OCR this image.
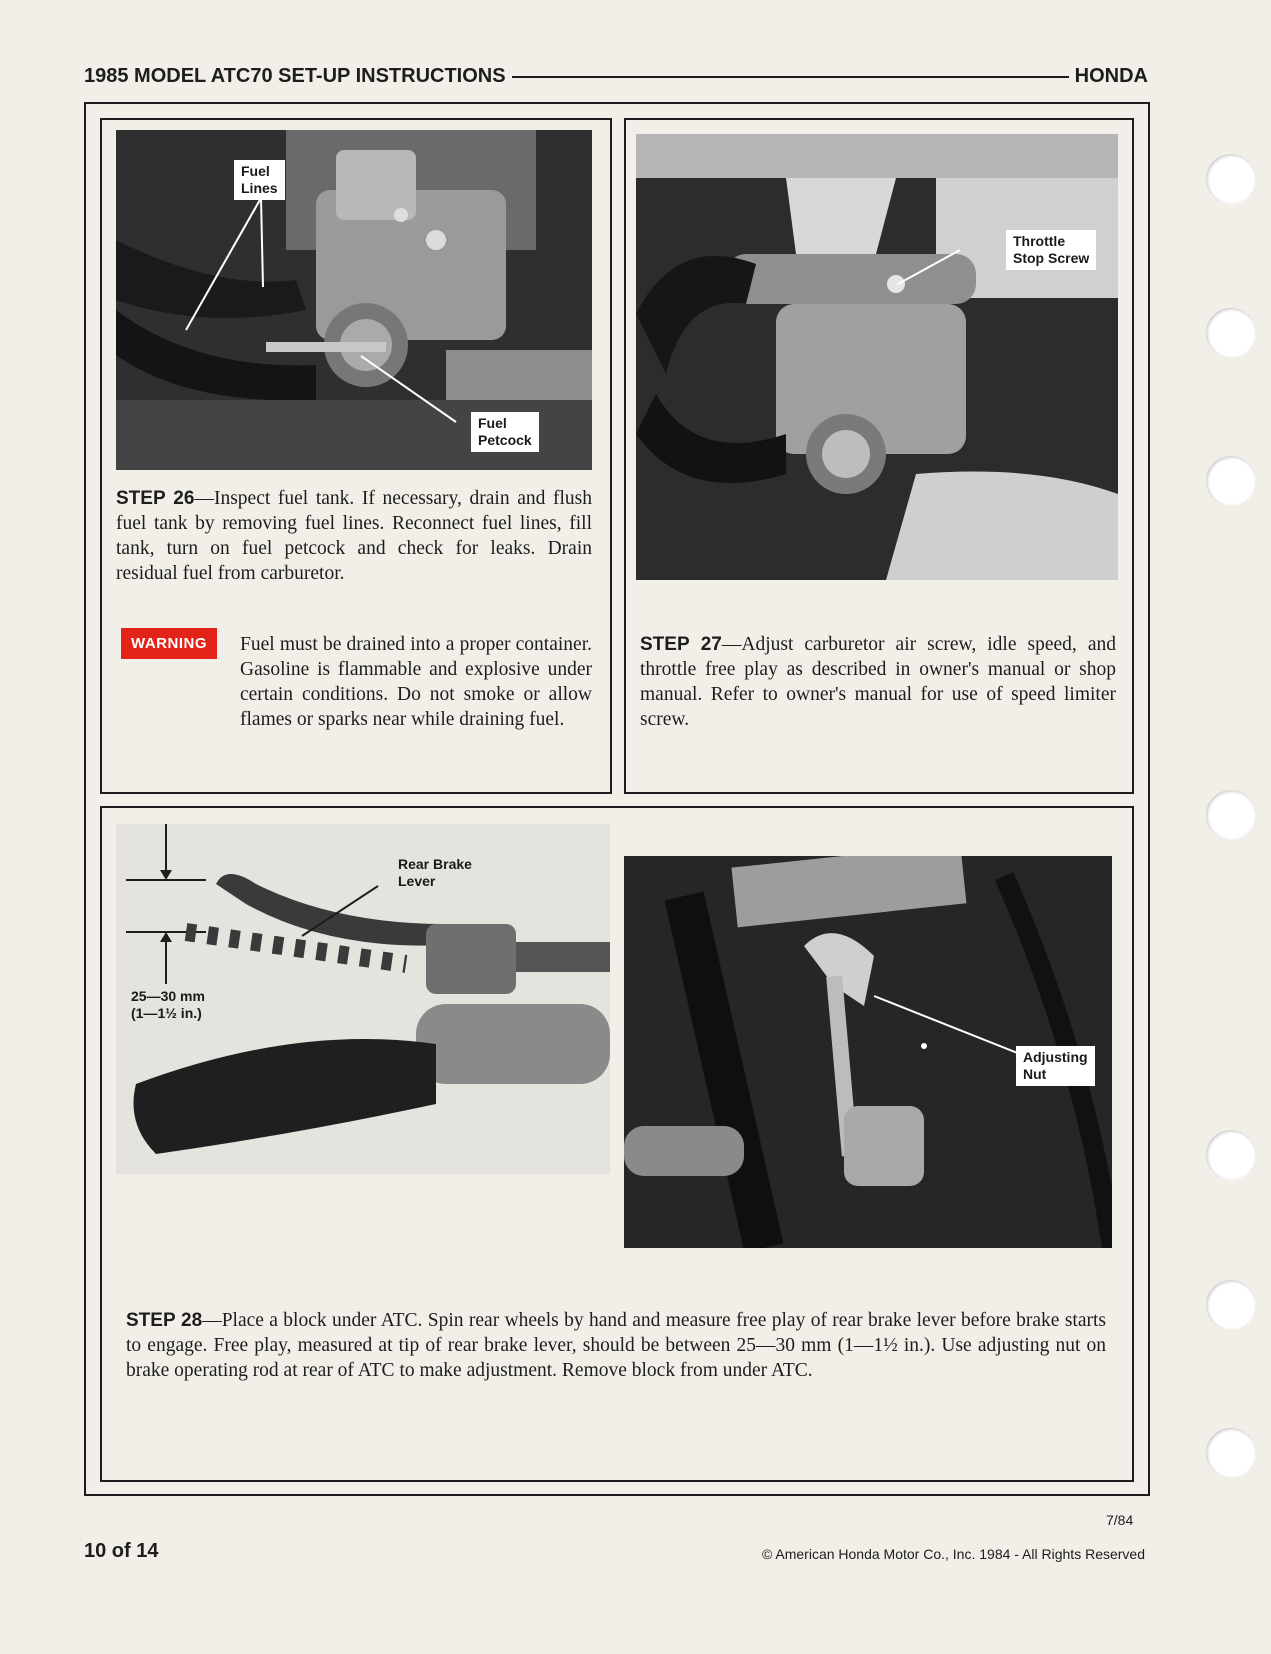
1985 MODEL ATC70 SET-UP INSTRUCTIONS	HONDA
Fuel
Lines
Fuel
Petcock
STEP 26—Inspect fuel tank. If necessary, drain and flush fuel tank by removing fuel lines. Reconnect fuel lines, fill tank, turn on fuel petcock and check for leaks. Drain residual fuel from carburetor.
WARNING	Fuel must be drained into a proper container. Gasoline is flammable and explosive under certain conditions. Do not smoke or allow flames or sparks near while draining fuel.
Throttle
Stop Screw
STEP 27—Adjust carburetor air screw, idle speed, and throttle free play as described in owner's manual or shop manual. Refer to owner's manual for use of speed limiter screw.
Rear Brake
Lever
25—30 mm
(1—1½ in.)
Adjusting
Nut
STEP 28—Place a block under ATC. Spin rear wheels by hand and measure free play of rear brake lever before brake starts to engage. Free play, measured at tip of rear brake lever, should be between 25—30 mm (1—1½ in.). Use adjusting nut on brake operating rod at rear of ATC to make adjustment. Remove block from under ATC.
7/84
10 of 14	© American Honda Motor Co., Inc. 1984 - All Rights Reserved
